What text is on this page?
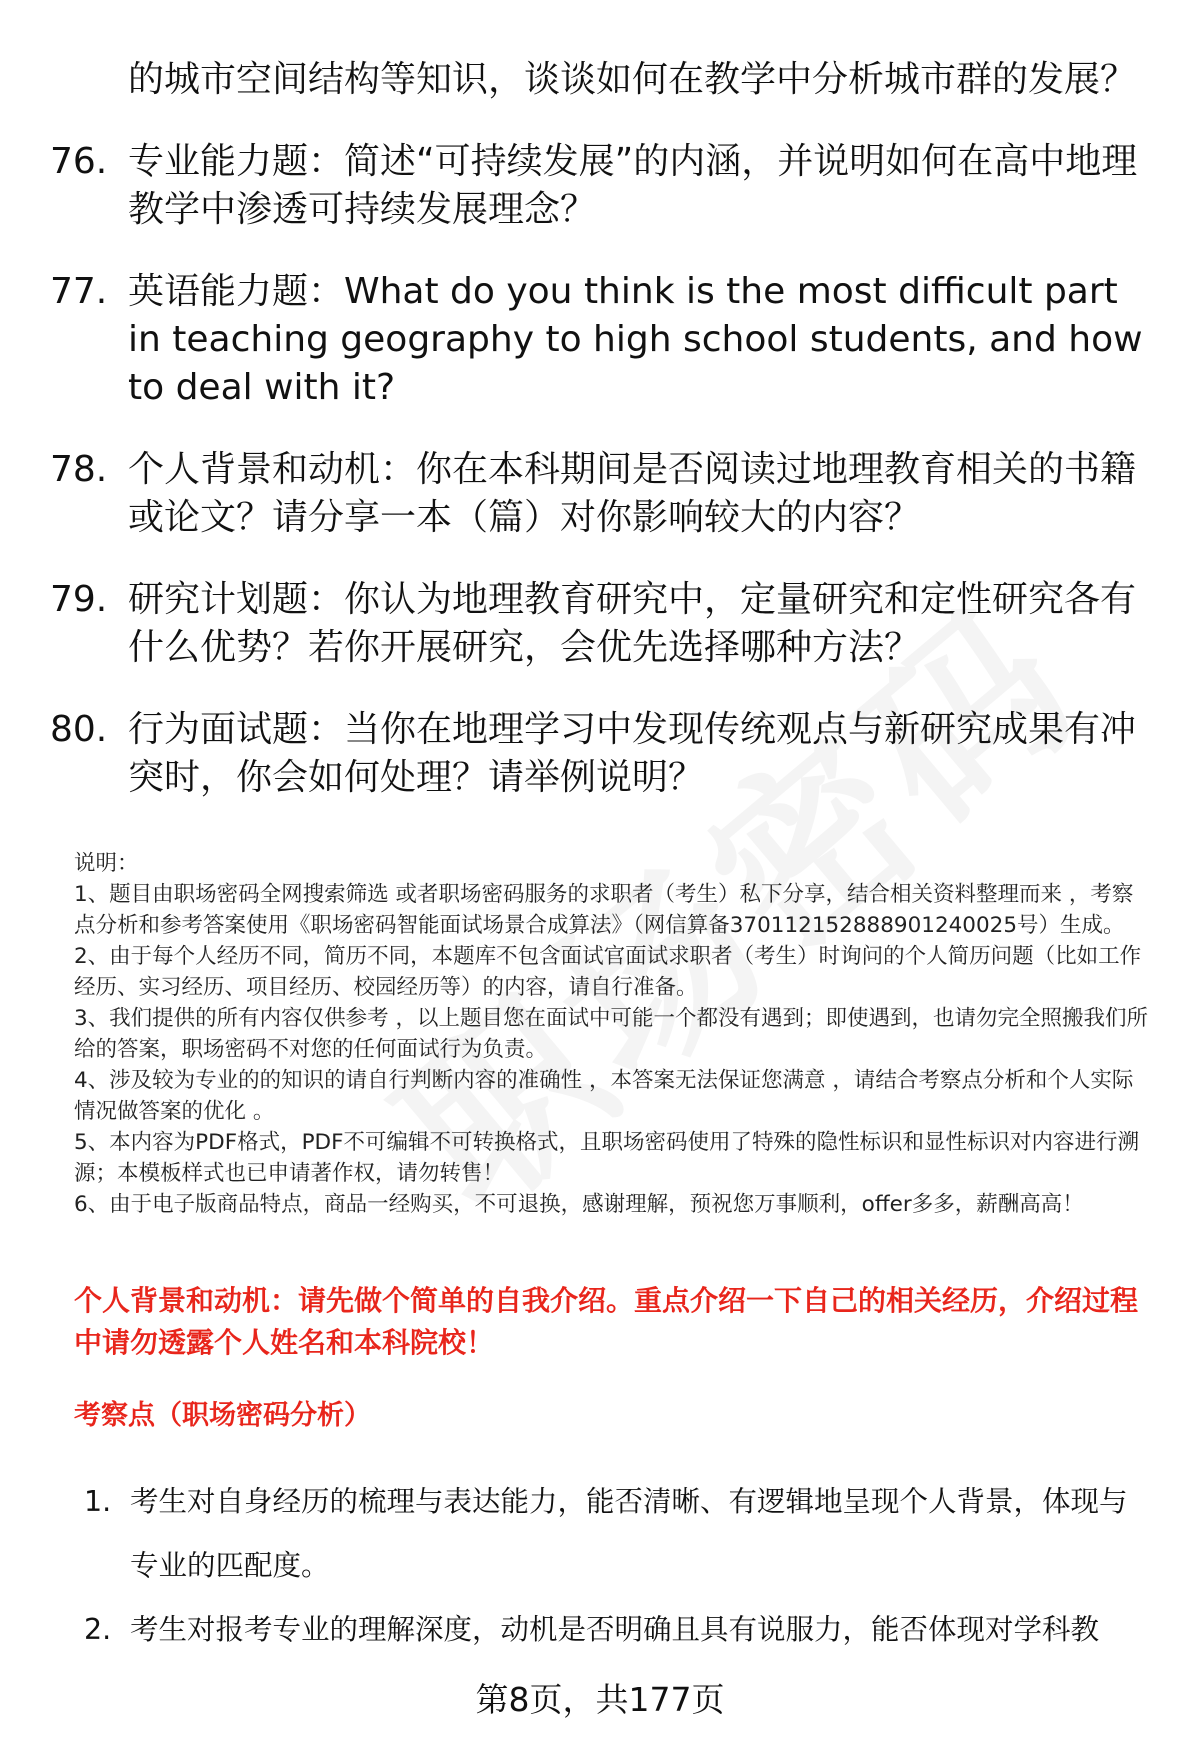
的城市空间结构等知识，谈谈如何在教学中分析城市群的发展？

76. 专业能力题：简述“可持续发展”的内涵，并说明如何在高中地理教学中渗透可持续发展理念？
77. 英语能力题：What do you think is the most difficult part in teaching geography to high school students, and how to deal with it?
78. 个人背景和动机：你在本科期间是否阅读过地理教育相关的书籍或论文？请分享一本（篇）对你影响较大的内容？
79. 研究计划题：你认为地理教育研究中，定量研究和定性研究各有什么优势？若你开展研究，会优先选择哪种方法？
80. 行为面试题：当你在地理学习中发现传统观点与新研究成果有冲突时，你会如何处理？请举例说明？

说明：

1、题目由职场密码全网搜索筛选 或者职场密码服务的求职者（考生）私下分享，结合相关资料整理而来 ，考察点分析和参考答案使用《职场密码智能面试场景合成算法》（网信算备370112152888901240025号）生成。

2、由于每个人经历不同，简历不同，本题库不包含面试官面试求职者（考生）时询问的个人简历问题（比如工作经历、实习经历、项目经历、校园经历等）的内容，请自行准备。

3、我们提供的所有内容仅供参考 ，以上题目您在面试中可能一个都没有遇到；即使遇到，也请勿完全照搬我们所给的答案，职场密码不对您的任何面试行为负责。

4、涉及较为专业的的知识的请自行判断内容的准确性 ，本答案无法保证您满意 ，请结合考察点分析和个人实际情况做答案的优化 。

5、本内容为PDF格式，PDF不可编辑不可转换格式，且职场密码使用了特殊的隐性标识和显性标识对内容进行溯源；本模板样式也已申请著作权，请勿转售！

6、由于电子版商品特点，商品一经购买，不可退换，感谢理解，预祝您万事顺利，offer多多，薪酬高高！

个人背景和动机：请先做个简单的自我介绍。重点介绍一下自己的相关经历，介绍过程中请勿透露个人姓名和本科院校！

考察点（职场密码分析）

1. 考生对自身经历的梳理与表达能力，能否清晰、有逻辑地呈现个人背景，体现与专业的匹配度。
2. 考生对报考专业的理解深度，动机是否明确且具有说服力，能否体现对学科教

第8页，共177页
